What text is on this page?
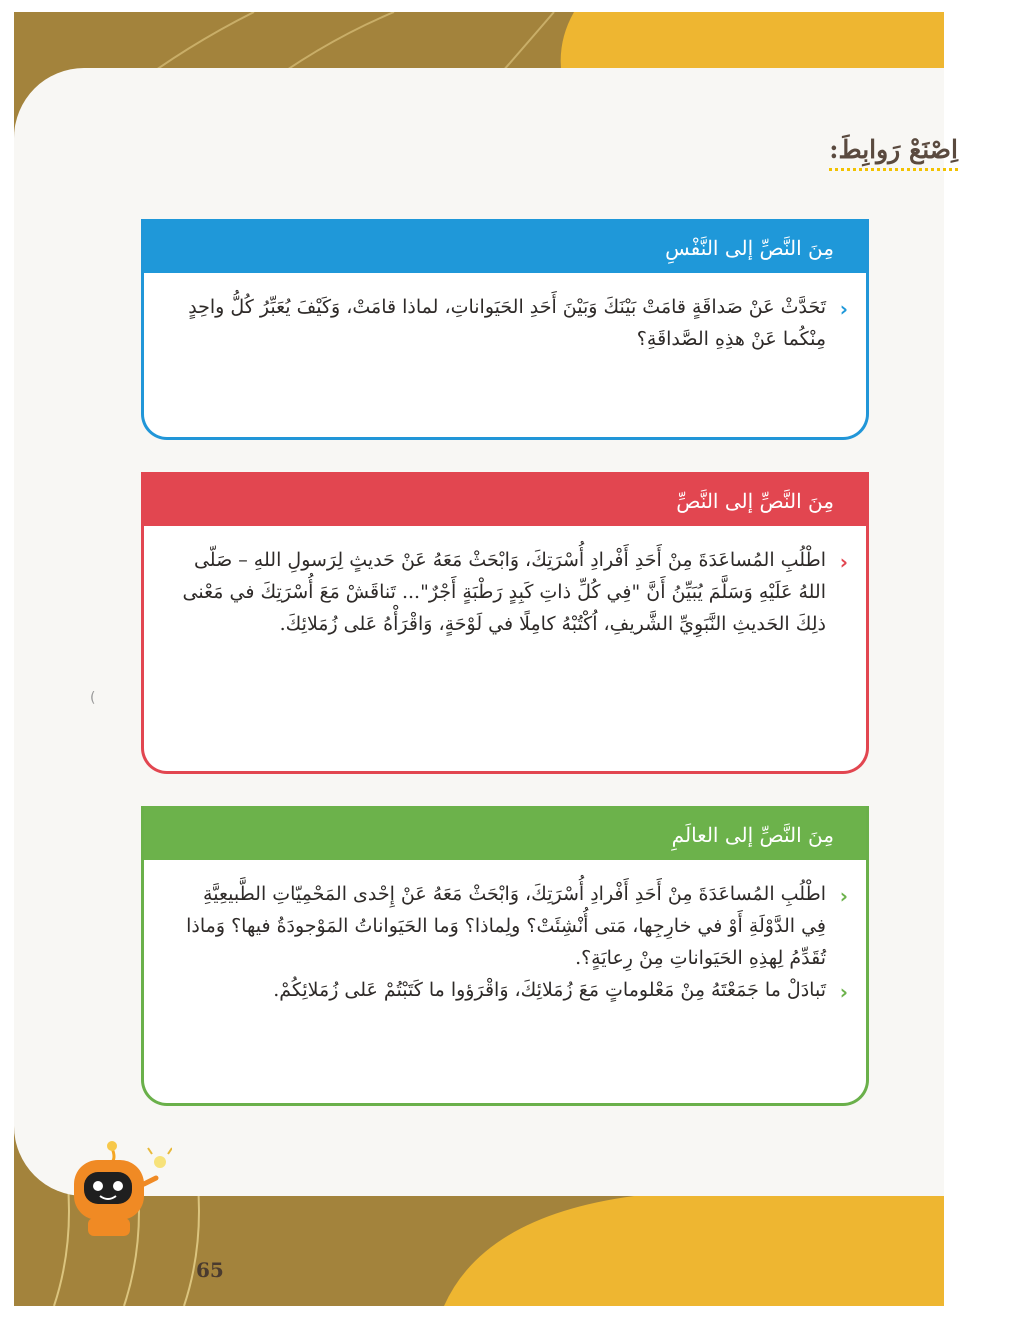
اِصْنَعْ رَوابِطَ:
مِنَ النَّصِّ إلى النَّفْسِ

‹
تَحَدَّثْ عَنْ صَداقَةٍ قامَتْ بَيْنَكَ وَبَيْنَ أَحَدِ الحَيَواناتِ، لماذا قامَتْ، وَكَيْفَ يُعَبِّرُ كُلُّ واحِدٍ مِنْكُما عَنْ هذِهِ الصَّداقَةِ؟

مِنَ النَّصِّ إلى النَّصِّ

‹
اطْلُبِ المُساعَدَةَ مِنْ أَحَدِ أَفْرادِ أُسْرَتِكَ، وَابْحَثْ مَعَهُ عَنْ حَديثٍ لِرَسولِ اللهِ – صَلّى اللهُ عَلَيْهِ وَسَلَّمَ يُبَيِّنُ أَنَّ "فِي كُلِّ ذاتِ كَبِدٍ رَطْبَةٍ أَجْرٌ"... تَناقَشْ مَعَ أُسْرَتِكَ في مَعْنى ذلِكَ الحَديثِ النَّبَوِيِّ الشَّريفِ، اُكْتُبْهُ كامِلًا في لَوْحَةٍ، وَاقْرَأْهُ عَلى زُمَلائِكَ.

مِنَ النَّصِّ إلى العالَمِ

‹
اطْلُبِ المُساعَدَةَ مِنْ أَحَدِ أَفْرادِ أُسْرَتِكَ، وَابْحَثْ مَعَهُ عَنْ إِحْدى المَحْمِيّاتِ الطَّبيعِيَّةِ فِي الدَّوْلَةِ أَوْ في خارِجِها، مَتى أُنْشِئَتْ؟ ولِماذا؟ وَما الحَيَواناتُ المَوْجودَةُ فيها؟ وَماذا تُقَدِّمُ لِهذِهِ الحَيَواناتِ مِنْ رِعايَةٍ؟.

‹
تَبادَلْ ما جَمَعْتَهُ مِنْ مَعْلوماتٍ مَعَ زُمَلائِكَ، وَاقْرَؤوا ما كَتَبْتُمْ عَلى زُمَلائِكُمْ.

65
(
